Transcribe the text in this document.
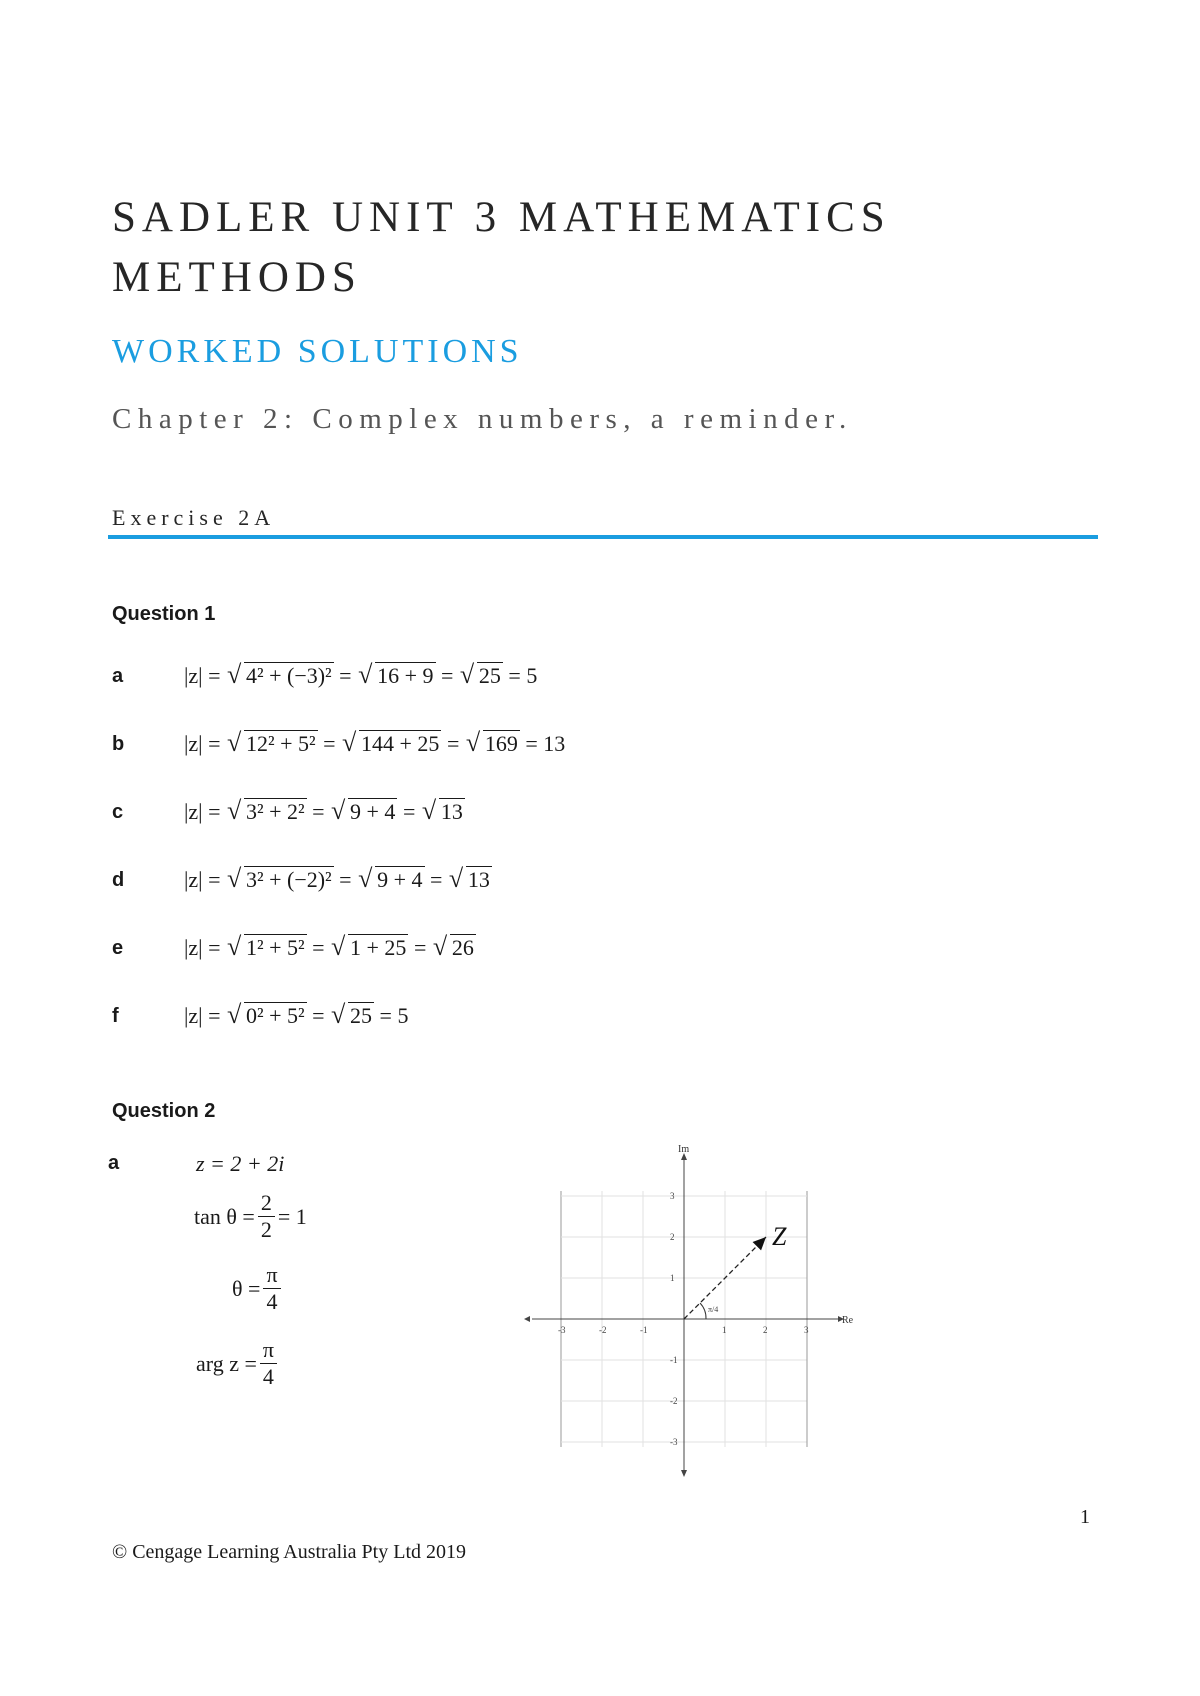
SADLER UNIT 3 MATHEMATICS
METHODS
WORKED SOLUTIONS
Chapter 2: Complex numbers, a reminder.
Exercise 2A
Question 1
a	|z| = √ 4² + (−3)² = √ 16 + 9 = √ 25 = 5
b	|z| = √ 12² + 5² = √ 144 + 25 = √ 169 = 13
c	|z| = √ 3² + 2² = √ 9 + 4 = √ 13
d	|z| = √ 3² + (−2)² = √ 9 + 4 = √ 13
e	|z| = √ 1² + 5² = √ 1 + 25 = √ 26
f	|z| = √ 0² + 5² = √ 25 = 5
Question 2
a	z = 2 + 2i
$\tan \theta = \frac{2}{2} = 1$
$\theta = \frac{\pi}{4}$
arg $z = \frac{\pi}{4}$
Im
Re
-3	-2	-1	1	2	3
3
2
1
-1
-2
-3
Z
π/4
1
© Cengage Learning Australia Pty Ltd 2019
